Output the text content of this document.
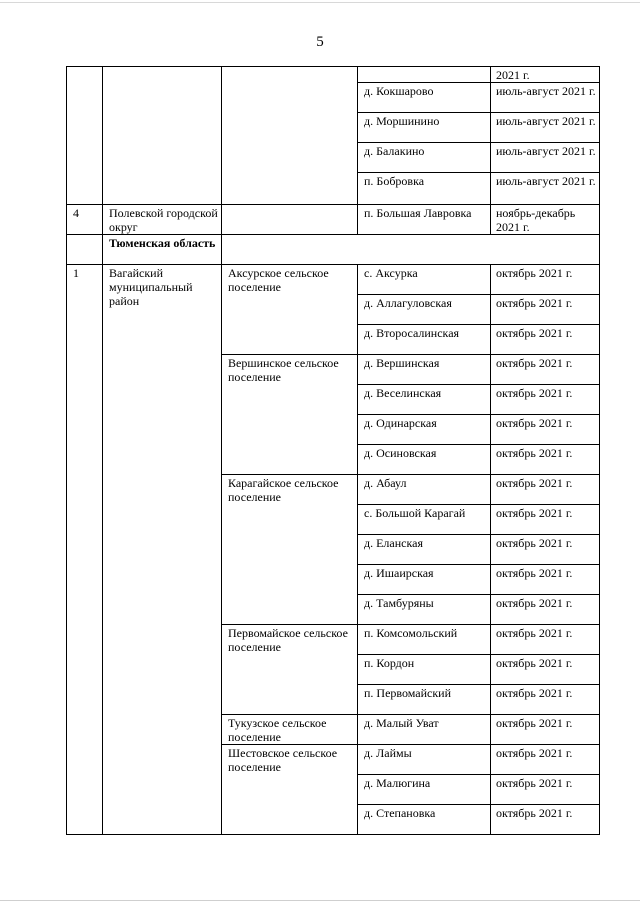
5
				2021 г.
			д. Кокшарово	июль-август 2021 г.
			д. Моршинино	июль-август 2021 г.
			д. Балакино	июль-август 2021 г.
			п. Бобровка	июль-август 2021 г.
4	Полевской городской округ		п. Большая Лавровка	ноябрь-декабрь 2021 г.
	Тюменская область			
1	Вагайский муниципальный район	Аксурское сельское поселение	с. Аксурка	октябрь 2021 г.
			д. Аллагуловская	октябрь 2021 г.
			д. Второсалинская	октябрь 2021 г.
		Вершинское сельское поселение	д. Вершинская	октябрь 2021 г.
			д. Веселинская	октябрь 2021 г.
			д. Одинарская	октябрь 2021 г.
			д. Осиновская	октябрь 2021 г.
		Карагайское сельское поселение	д. Абаул	октябрь 2021 г.
			с. Большой Карагай	октябрь 2021 г.
			д. Еланская	октябрь 2021 г.
			д. Ишаирская	октябрь 2021 г.
			д. Тамбуряны	октябрь 2021 г.
		Первомайское сельское поселение	п. Комсомольский	октябрь 2021 г.
			п. Кордон	октябрь 2021 г.
			п. Первомайский	октябрь 2021 г.
		Тукузское сельское поселение	д. Малый Уват	октябрь 2021 г.
		Шестовское сельское поселение	д. Лаймы	октябрь 2021 г.
			д. Малюгина	октябрь 2021 г.
			д. Степановка	октябрь 2021 г.
